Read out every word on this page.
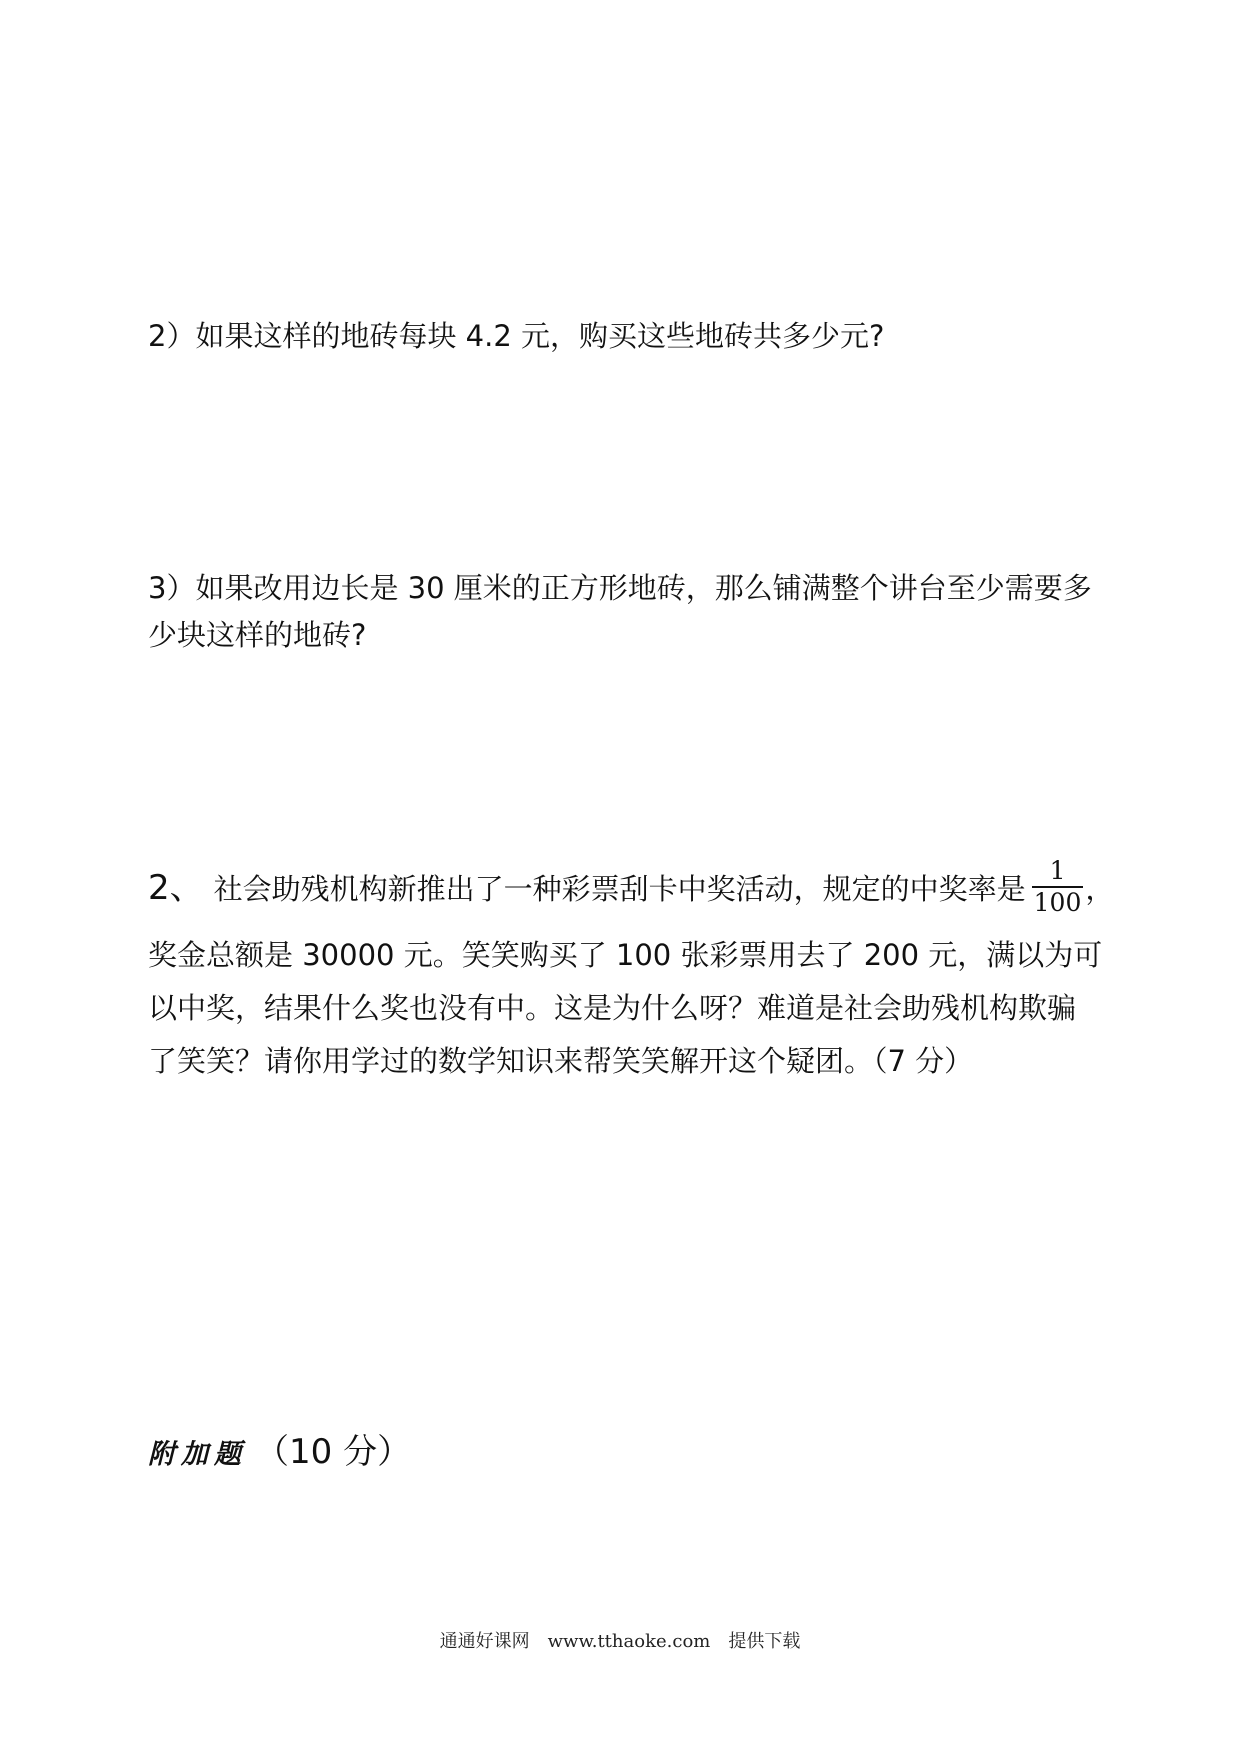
2）如果这样的地砖每块 4.2 元，购买这些地砖共多少元?
3）如果改用边长是 30 厘米的正方形地砖，那么铺满整个讲台至少需要多
少块这样的地砖?
2、 社会助残机构新推出了一种彩票刮卡中奖活动，规定的中奖率是 $\frac{1}{100}$ ，
奖金总额是 30000 元。笑笑购买了 100 张彩票用去了 200 元，满以为可
以中奖，结果什么奖也没有中。这是为什么呀？难道是社会助残机构欺骗
了笑笑？请你用学过的数学知识来帮笑笑解开这个疑团。（7 分）
附加题 （10 分）
通通好课网　www.tthaoke.com　提供下载
